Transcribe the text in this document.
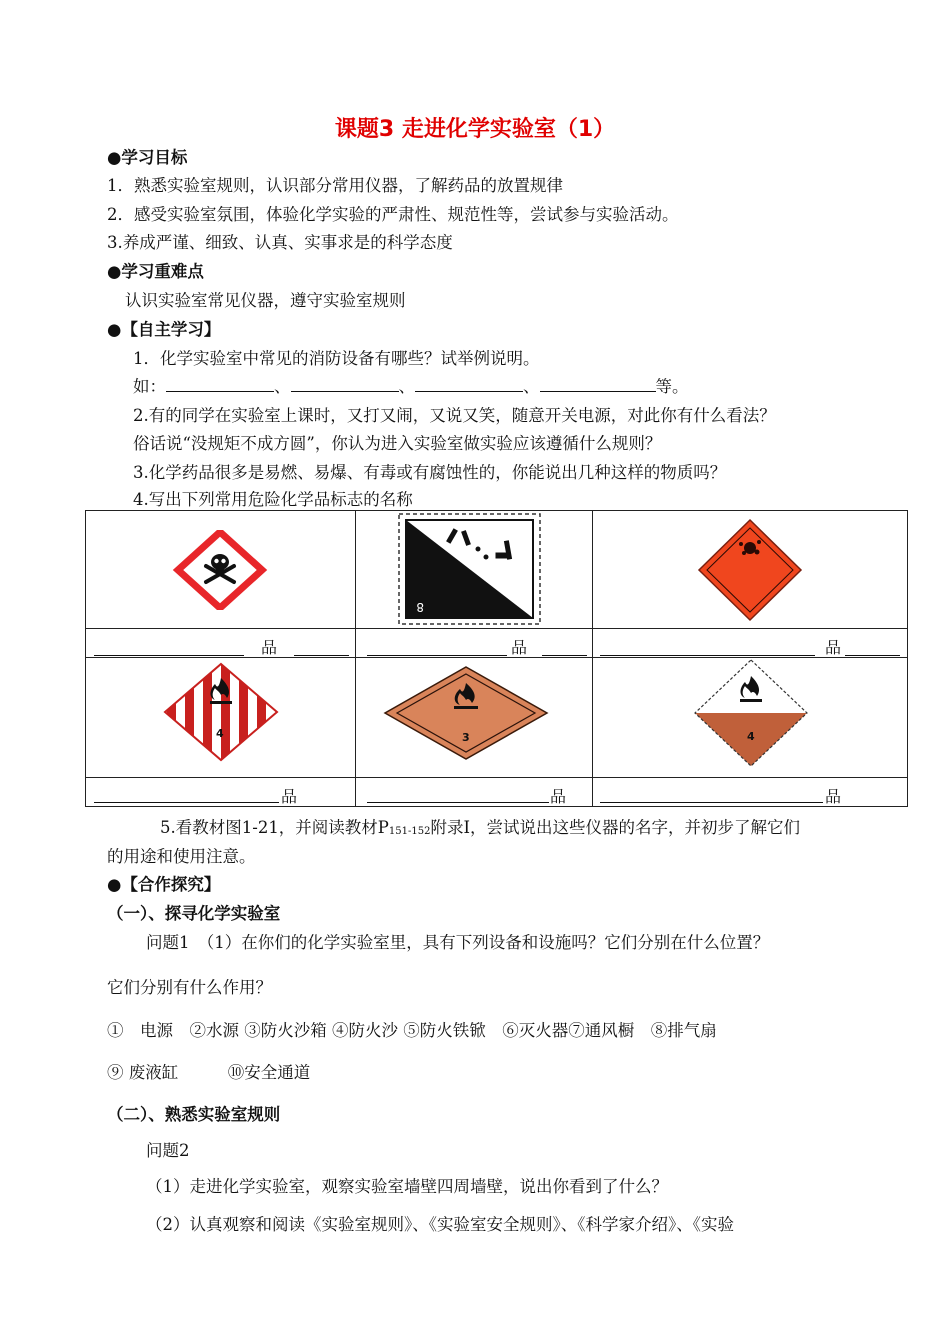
课题3 走进化学实验室（1）
●学习目标
1．熟悉实验室规则，认识部分常用仪器，了解药品的放置规律
2．感受实验室氛围，体验化学实验的严肃性、规范性等，尝试参与实验活动。
3.养成严谨、细致、认真、实事求是的科学态度
●学习重难点
认识实验室常见仪器，遵守实验室规则
●【自主学习】
1．化学实验室中常见的消防设备有哪些？试举例说明。
如：	、	、	、	等。
2.有的同学在实验室上课时，又打又闹，又说又笑，随意开关电源，对此你有什么看法？
俗话说“没规矩不成方圆”，你认为进入实验室做实验应该遵循什么规则？
3.化学药品很多是易燃、易爆、有毒或有腐蚀性的，你能说出几种这样的物质吗？
4.写出下列常用危险化学品标志的名称
8
品	品	品
4	3	4
品	品	品
5.看教材图1-21，并阅读教材$P_{151-152}$附录Ⅰ，尝试说出这些仪器的名字，并初步了解它们
的用途和使用注意。
●【合作探究】
（一）、探寻化学实验室
问题1　（1）在你们的化学实验室里，具有下列设备和设施吗？它们分别在什么位置？
它们分别有什么作用？
①　电源　②水源 ③防火沙箱 ④防火沙 ⑤防火铁锨　⑥灭火器⑦通风橱　⑧排气扇
⑨ 废液缸　　　⑩安全通道
（二）、熟悉实验室规则
问题2
（1）走进化学实验室，观察实验室墙壁四周墙壁，说出你看到了什么？
（2）认真观察和阅读《实验室规则》、《实验室安全规则》、《科学家介绍》、《实验
